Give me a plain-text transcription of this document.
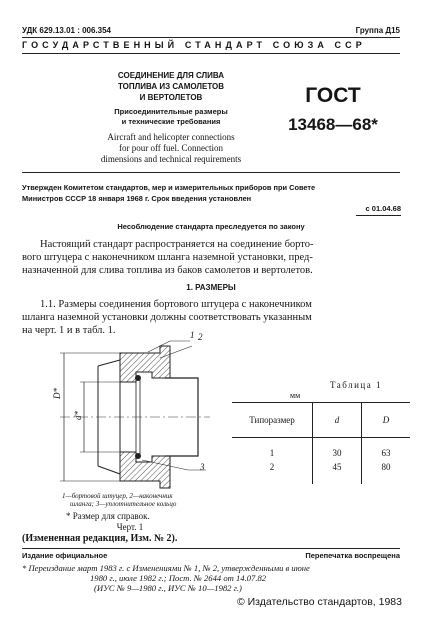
УДК 629.13.01 : 006.354	Группа Д15
ГОСУДАРСТВЕННЫЙ СТАНДАРТ СОЮЗА ССР
СОЕДИНЕНИЕ ДЛЯ СЛИВА
ТОПЛИВА ИЗ САМОЛЕТОВ
И ВЕРТОЛЕТОВ
Присоединительные размеры
и технические требования
Aircraft and helicopter connections
for pour off fuel. Connection
dimensions and technical requirements
ГОСТ
13468—68*
Утвержден Комитетом стандартов, мер и измерительных приборов при Совете
Министров СССР 18 января 1968 г. Срок введения установлен
с 01.04.68
Несоблюдение стандарта преследуется по закону
Настоящий стандарт распространяется на соединение борто-
вого штуцера с наконечником шланга наземной установки, пред-
назначенной для слива топлива из баков самолетов и вертолетов.
1. РАЗМЕРЫ
1.1. Размеры соединения бортового штуцера с наконечником
шланга наземной установки должны соответствовать указанным
на черт. 1 и в табл. 1.
D*
d*
1 2
3
1—бортовой штуцер, 2—наконечник
шланга; 3—уплотнительное кольцо
* Размер для справок.
Черт. 1
Таблица 1
мм
Типоразмер	d	D

1	30	63
2	45	80

(Измененная редакция, Изм. № 2).
Издание официальное	Перепечатка воспрещена
* Переиздание март 1983 г. с Изменениями № 1, № 2, утвержденными в июне
1980 г., июле 1982 г.; Пост. № 2644 от 14.07.82
(ИУС № 9—1980 г., ИУС № 10—1982 г.)
© Издательство стандартов, 1983
